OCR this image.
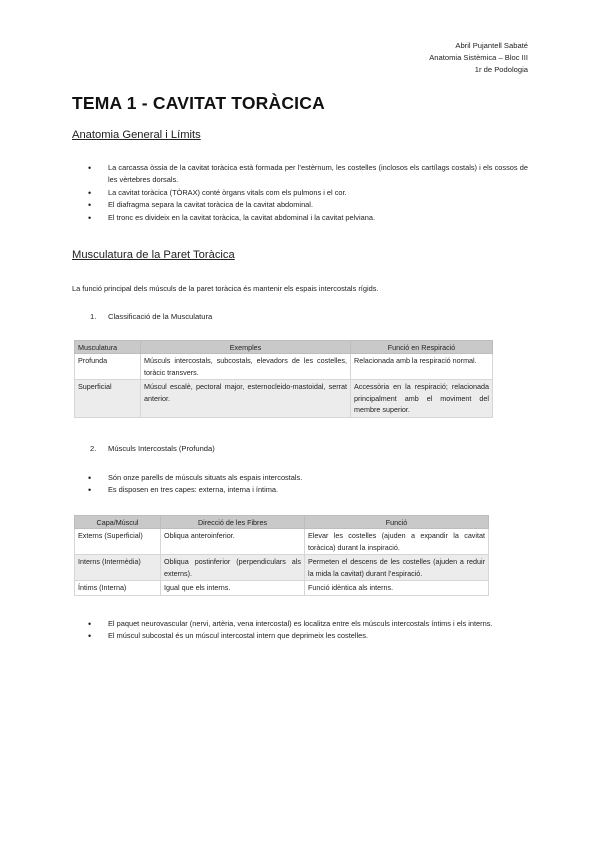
Abril Pujantell Sabaté
Anatomia Sistèmica – Bloc III
1r de Podologia
TEMA 1 - CAVITAT TORÀCICA
Anatomia General i Límits
• La carcassa òssia de la cavitat toràcica està formada per l’estèrnum, les costelles (inclosos els cartílags costals) i els cossos de les vèrtebres dorsals.
• La cavitat toràcica (TÒRAX) conté òrgans vitals com els pulmons i el cor.
• El diafragma separa la cavitat toràcica de la cavitat abdominal.
• El tronc es divideix en la cavitat toràcica, la cavitat abdominal i la cavitat pelviana.
Musculatura de la Paret Toràcica
La funció principal dels músculs de la paret toràcica és mantenir els espais intercostals rígids.
1. Classificació de la Musculatura
Musculatura	Exemples	Funció en Respiració
Profunda	Músculs intercostals, subcostals, elevadors de les costelles, toràcic transvers.	Relacionada amb la respiració normal.
Superficial	Múscul escalè, pectoral major, esternocleido-mastoidal, serrat anterior.	Accessòria en la respiració; relacionada principalment amb el moviment del membre superior.
2. Músculs Intercostals (Profunda)
• Són onze parells de músculs situats als espais intercostals.
• Es disposen en tres capes: externa, interna i íntima.
Capa/Múscul	Direcció de les Fibres	Funció
Externs (Superficial)	Obliqua anteroinferior.	Elevar les costelles (ajuden a expandir la cavitat toràcica) durant la inspiració.
Interns (Intermèdia)	Obliqua postinferior (perpendiculars als externs).	Permeten el descens de les costelles (ajuden a reduir la mida la cavitat) durant l’espiració.
Íntims (Interna)	Igual que els interns.	Funció idèntica als interns.
• El paquet neurovascular (nervi, artèria, vena intercostal) es localitza entre els músculs intercostals íntims i els interns.
• El múscul subcostal és un múscul intercostal intern que deprimeix les costelles.
